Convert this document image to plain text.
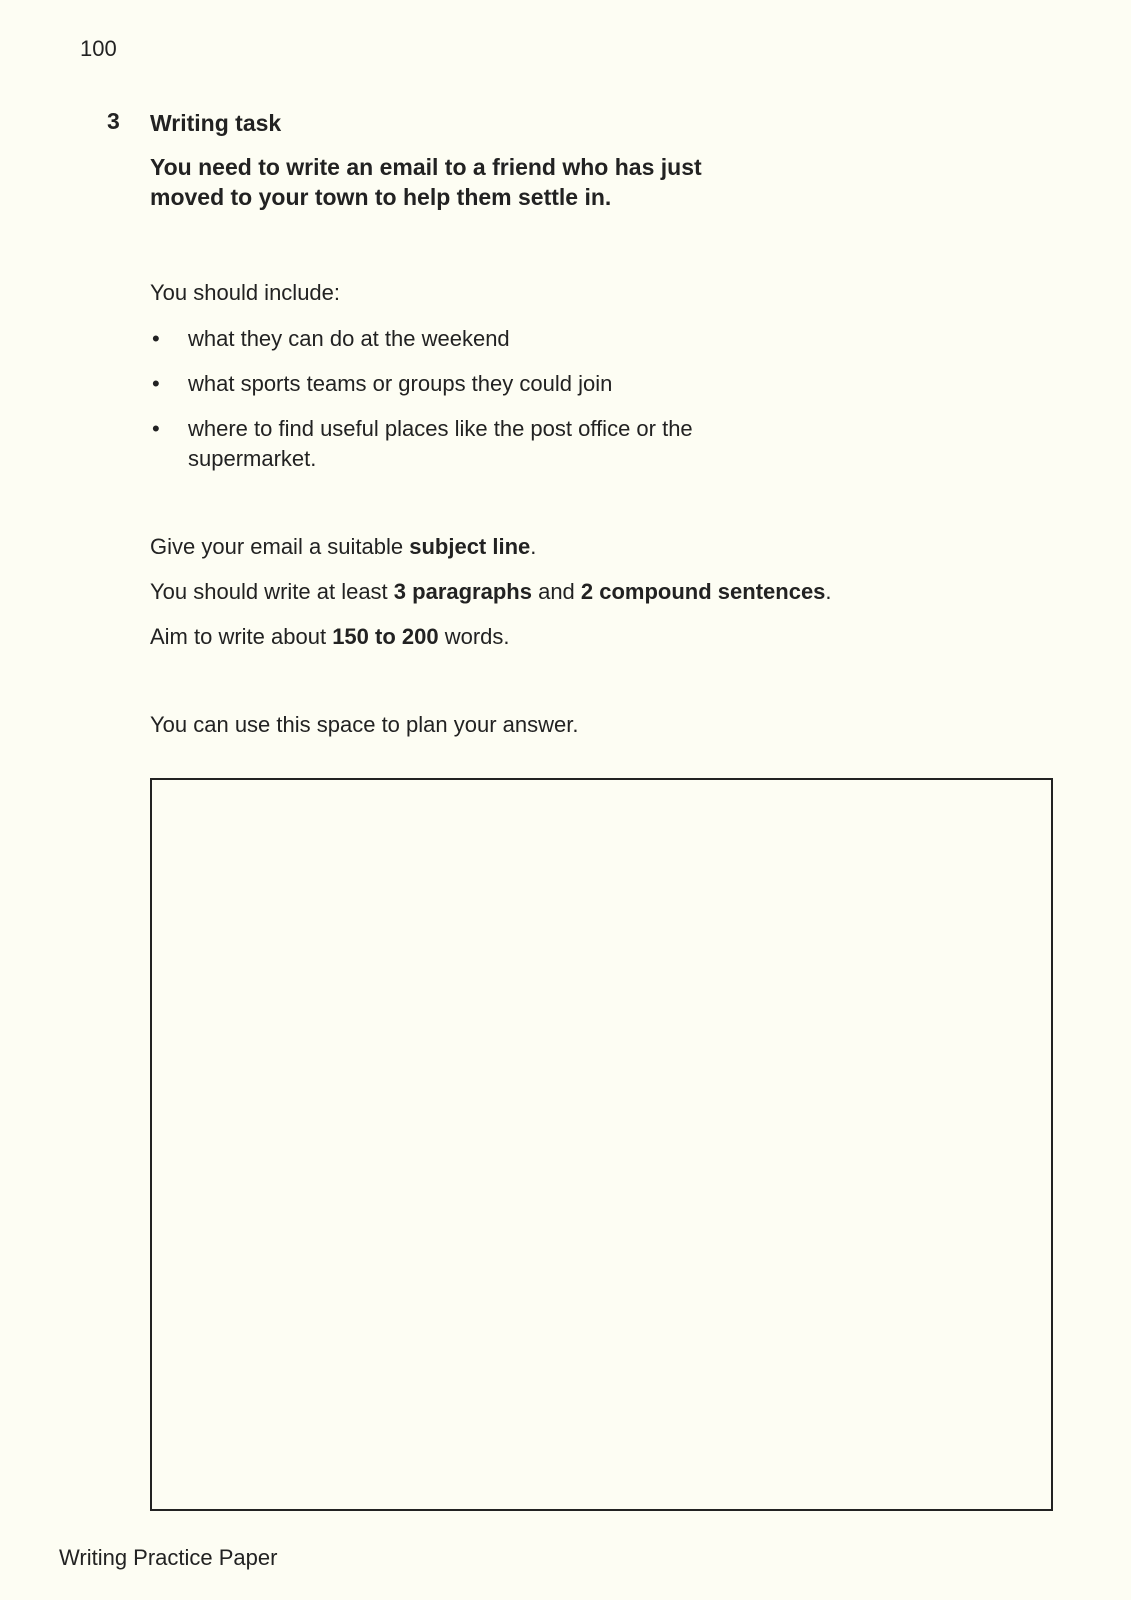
100
3 Writing task

You need to write an email to a friend who has just moved to your town to help them settle in.

You should include:

• what they can do at the weekend
• what sports teams or groups they could join
• where to find useful places like the post office or the supermarket.

Give your email a suitable subject line.

You should write at least 3 paragraphs and 2 compound sentences.

Aim to write about 150 to 200 words.

You can use this space to plan your answer.

Writing Practice Paper
